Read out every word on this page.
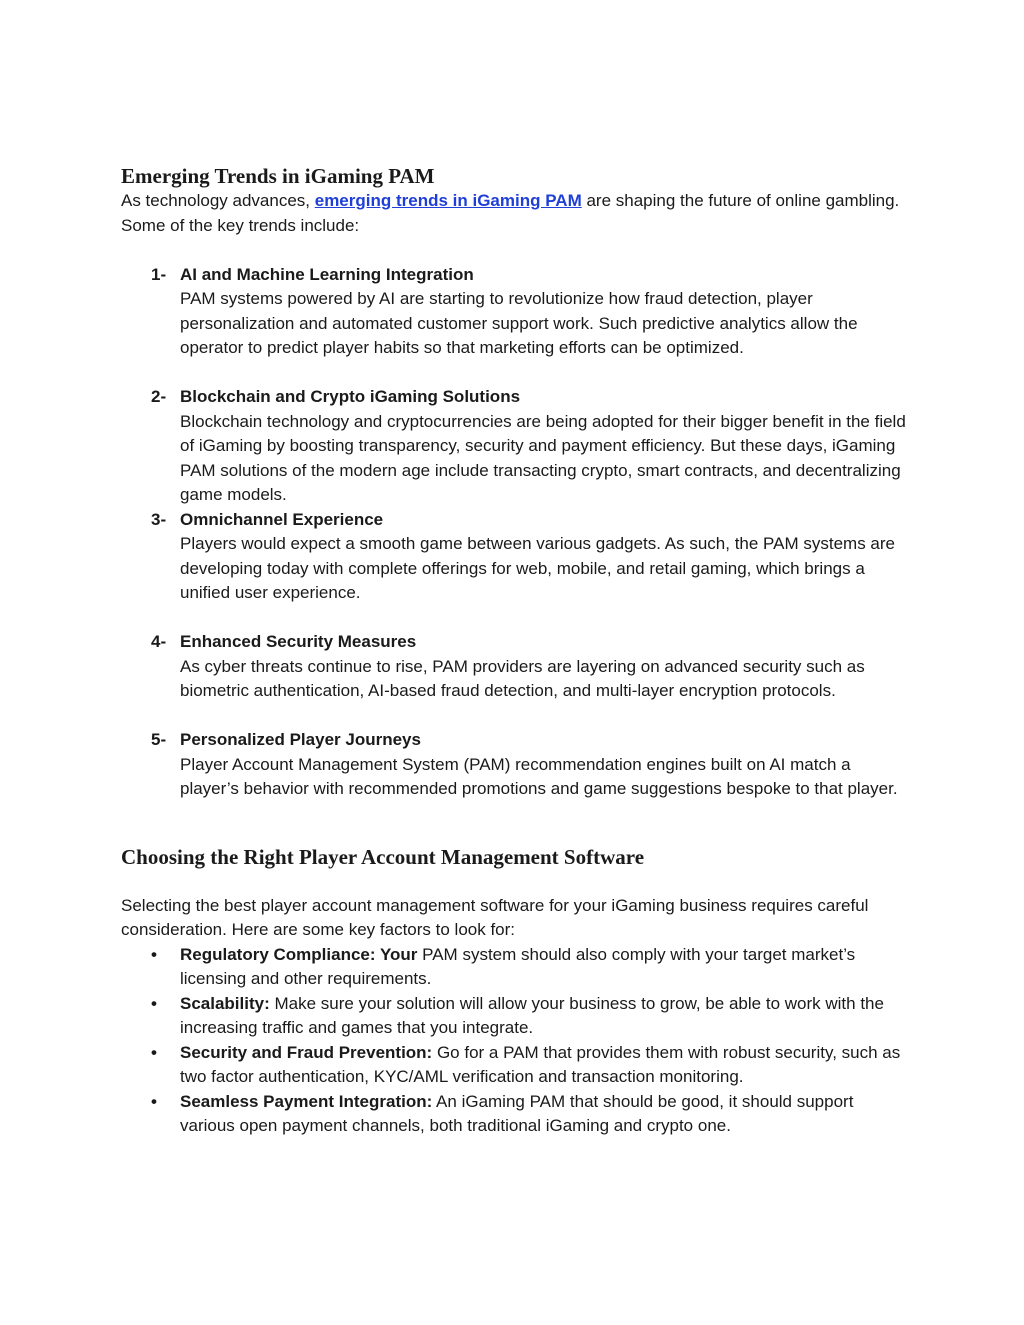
Emerging Trends in iGaming PAM

As technology advances, emerging trends in iGaming PAM are shaping the future of online gambling. Some of the key trends include:

1- AI and Machine Learning Integration
PAM systems powered by AI are starting to revolutionize how fraud detection, player personalization and automated customer support work. Such predictive analytics allow the operator to predict player habits so that marketing efforts can be optimized.
2- Blockchain and Crypto iGaming Solutions
Blockchain technology and cryptocurrencies are being adopted for their bigger benefit in the field of iGaming by boosting transparency, security and payment efficiency. But these days, iGaming PAM solutions of the modern age include transacting crypto, smart contracts, and decentralizing game models.
3- Omnichannel Experience
Players would expect a smooth game between various gadgets. As such, the PAM systems are developing today with complete offerings for web, mobile, and retail gaming, which brings a unified user experience.
4- Enhanced Security Measures
As cyber threats continue to rise, PAM providers are layering on advanced security such as biometric authentication, AI-based fraud detection, and multi-layer encryption protocols.
5- Personalized Player Journeys
Player Account Management System (PAM) recommendation engines built on AI match a player’s behavior with recommended promotions and game suggestions bespoke to that player.
Choosing the Right Player Account Management Software

Selecting the best player account management software for your iGaming business requires careful consideration. Here are some key factors to look for:

• Regulatory Compliance: Your PAM system should also comply with your target market’s licensing and other requirements.
• Scalability: Make sure your solution will allow your business to grow, be able to work with the increasing traffic and games that you integrate.
• Security and Fraud Prevention: Go for a PAM that provides them with robust security, such as two factor authentication, KYC/AML verification and transaction monitoring.
• Seamless Payment Integration: An iGaming PAM that should be good, it should support various open payment channels, both traditional iGaming and crypto one.
